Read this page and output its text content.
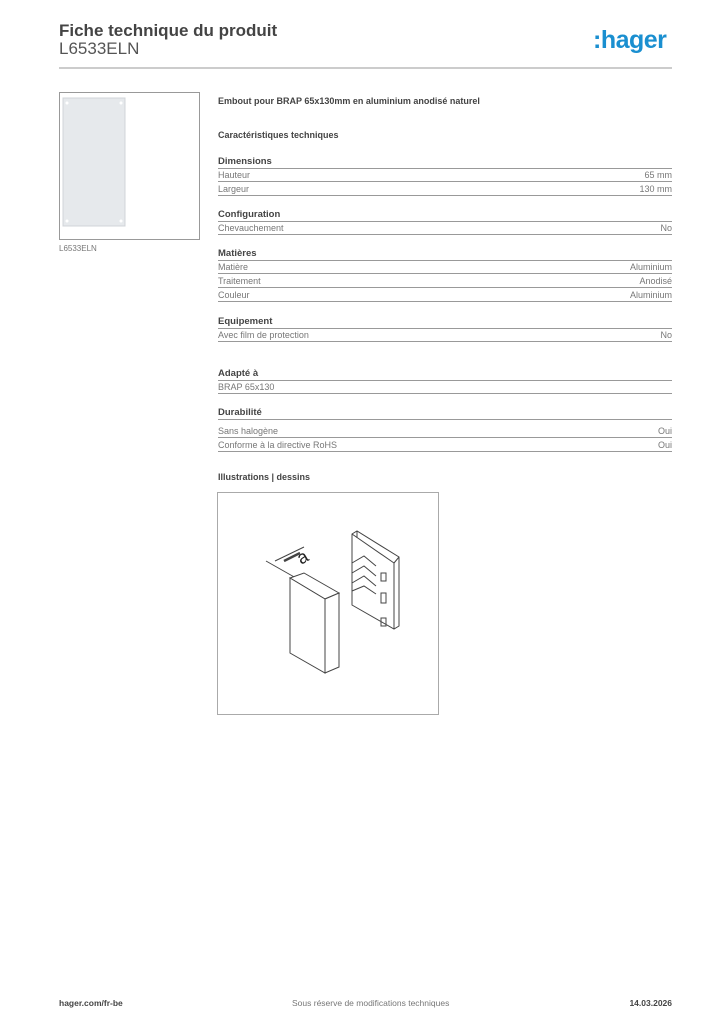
Fiche technique du produit
L6533ELN	:hager
L6533ELN
Embout pour BRAP 65x130mm en aluminium anodisé naturel
Caractéristiques techniques
Dimensions
Hauteur	65 mm
Largeur	130 mm
Configuration
Chevauchement	No
Matières
Matière	Aluminium
Traitement	Anodisé
Couleur	Aluminium
Equipement
Avec film de protection	No
Adapté à
BRAP 65x130
Durabilité
Sans halogène	Oui
Conforme à la directive RoHS	Oui
Illustrations | dessins
a
hager.com/fr-be	Sous réserve de modifications techniques	14.03.2026
